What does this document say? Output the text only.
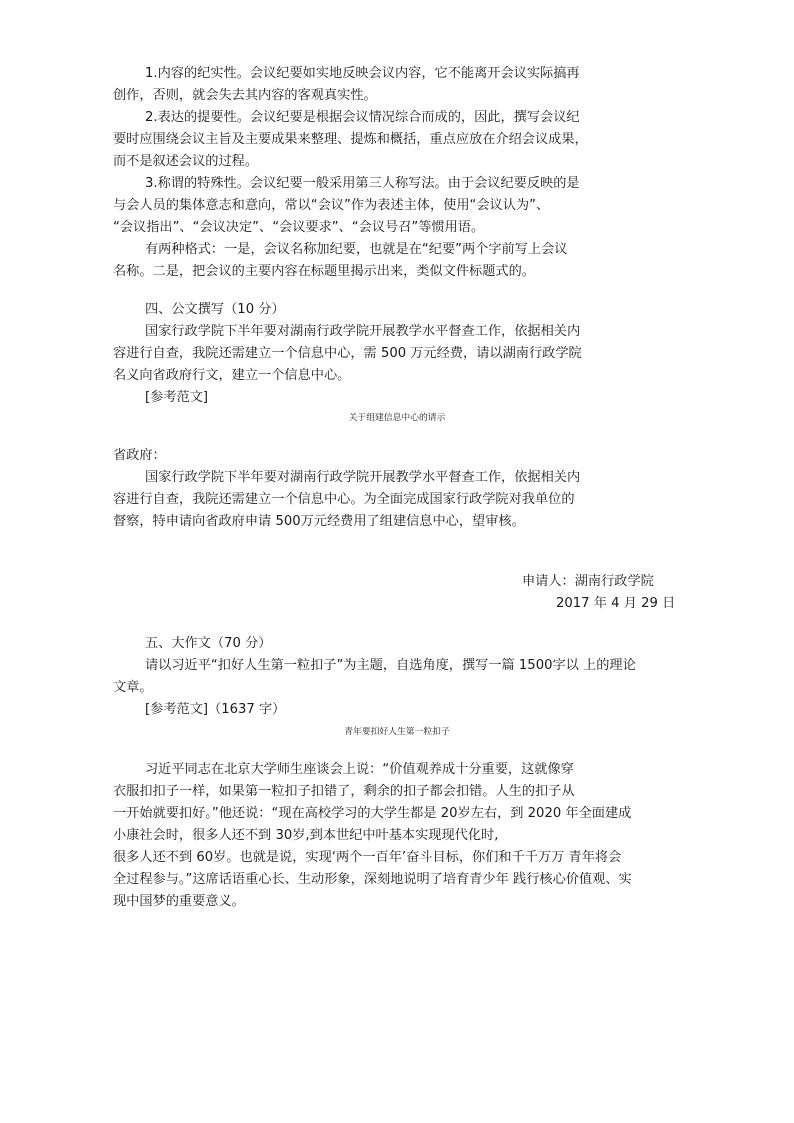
1.内容的纪实性。会议纪要如实地反映会议内容，它不能离开会议实际搞再
创作，否则，就会失去其内容的客观真实性。
2.表达的提要性。会议纪要是根据会议情况综合而成的，因此，撰写会议纪
要时应围绕会议主旨及主要成果来整理、提炼和概括，重点应放在介绍会议成果，
而不是叙述会议的过程。
3.称谓的特殊性。会议纪要一般采用第三人称写法。由于会议纪要反映的是
与会人员的集体意志和意向，常以“会议”作为表述主体，使用“会议认为”、
“会议指出”、“会议决定”、“会议要求”、“会议号召”等惯用语。
有两种格式：一是，会议名称加纪要，也就是在“纪要”两个字前写上会议
名称。二是，把会议的主要内容在标题里揭示出来，类似文件标题式的。
四、公文撰写（10 分）
国家行政学院下半年要对湖南行政学院开展教学水平督查工作，依据相关内
容进行自查，我院还需建立一个信息中心，需 500 万元经费，请以湖南行政学院
名义向省政府行文，建立一个信息中心。
[参考范文]
关于组建信息中心的请示
省政府：
国家行政学院下半年要对湖南行政学院开展教学水平督查工作，依据相关内
容进行自查，我院还需建立一个信息中心。为全面完成国家行政学院对我单位的
督察，特申请向省政府申请 500万元经费用了组建信息中心，望审核。
申请人：湖南行政学院
2017 年 4 月 29 日
五、大作文（70 分）
请以习近平“扣好人生第一粒扣子”为主题，自选角度，撰写一篇 1500字以 上的理论
文章。
[参考范文]（1637 字）
青年要扣好人生第一粒扣子
习近平同志在北京大学师生座谈会上说：“价值观养成十分重要，这就像穿
衣服扣扣子一样，如果第一粒扣子扣错了，剩余的扣子都会扣错。人生的扣子从
一开始就要扣好。”他还说：“现在高校学习的大学生都是 20岁左右，到 2020 年全面建成
小康社会时，很多人还不到 30岁,到本世纪中叶基本实现现代化时,
很多人还不到 60岁。也就是说，实现‘两个一百年’奋斗目标，你们和千千万万 青年将会
全过程参与。”这席话语重心长、生动形象，深刻地说明了培育青少年 践行核心价值观、实
现中国梦的重要意义。
